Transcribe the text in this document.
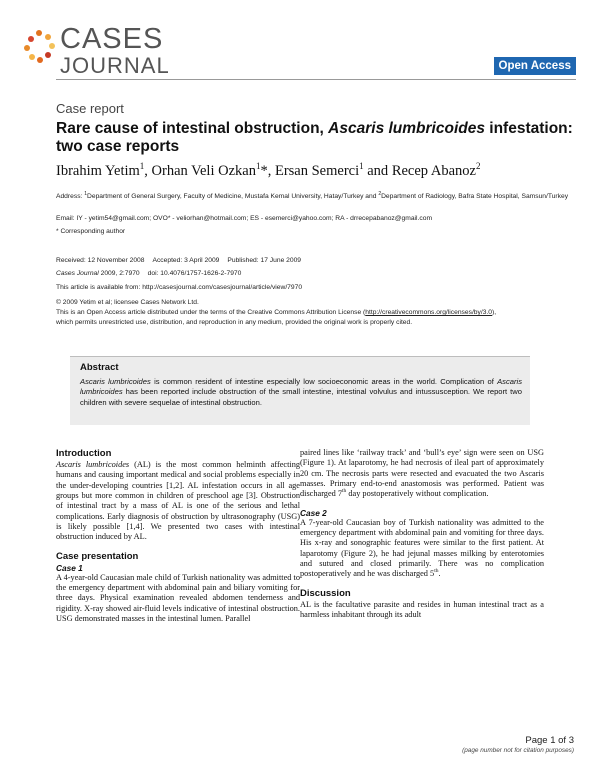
CASES
JOURNAL	Open Access
Case report
Rare cause of intestinal obstruction, Ascaris lumbricoides infestation: two case reports
Ibrahim Yetim$^1$, Orhan Veli Ozkan$^1$*, Ersan Semerci$^1$ and Recep Abanoz$^2$
Address: $^1$Department of General Surgery, Faculty of Medicine, Mustafa Kemal University, Hatay/Turkey and $^2$Department of Radiology, Bafra State Hospital, Samsun/Turkey
Email: IY - yetim54@gmail.com; OVO* - veliorhan@hotmail.com; ES - esemerci@yahoo.com; RA - drrecepabanoz@gmail.com
* Corresponding author
Received: 12 November 2008 Accepted: 3 April 2009 Published: 17 June 2009
Cases Journal 2009, 2:7970 doi: 10.4076/1757-1626-2-7970
This article is available from: http://casesjournal.com/casesjournal/article/view/7970
© 2009 Yetim et al; licensee Cases Network Ltd.
This is an Open Access article distributed under the terms of the Creative Commons Attribution License (http://creativecommons.org/licenses/by/3.0),
which permits unrestricted use, distribution, and reproduction in any medium, provided the original work is properly cited.
Abstract
Ascaris lumbricoides is common resident of intestine especially low socioeconomic areas in the world. Complication of Ascaris lumbricoides has been reported include obstruction of the small intestine, intestinal volvulus and intussusception. We report two children with severe sequelae of intestinal obstruction.
Introduction

Ascaris lumbricoides (AL) is the most common helminth affecting humans and causing important medical and social problems especially in the under-developing countries [1,2]. AL infestation occurs in all age groups but more common in children of preschool age [3]. Obstruction of intestinal tract by a mass of AL is one of the serious and lethal complications. Early diagnosis of obstruction by ultrasonography (USG) is likely possible [1,4]. We presented two cases with intestinal obstruction induced by AL.

Case presentation
Case 1

A 4-year-old Caucasian male child of Turkish nationality was admitted to the emergency department with abdominal pain and biliary vomiting for three days. Physical examination revealed abdomen tenderness and rigidity. X-ray showed air-fluid levels indicative of intestinal obstruction. USG demonstrated masses in the intestinal lumen. Parallel

paired lines like ‘railway track’ and ‘bull’s eye’ sign were seen on USG (Figure 1). At laparotomy, he had necrosis of ileal part of approximately 20 cm. The necrosis parts were resected and evacuated the two Ascaris masses. Primary end-to-end anastomosis was performed. Patient was discharged 7th day postoperatively without complication.

Case 2

A 7-year-old Caucasian boy of Turkish nationality was admitted to the emergency department with abdominal pain and vomiting for three days. His x-ray and sonographic features were similar to the first patient. At laparotomy (Figure 2), he had jejunal masses milking by enterotomies and sutured and closed primarily. There was no complication postoperatively and he was discharged 5th.

Discussion

AL is the facultative parasite and resides in human intestinal tract as a harmless inhabitant through its adult

Page 1 of 3
(page number not for citation purposes)
